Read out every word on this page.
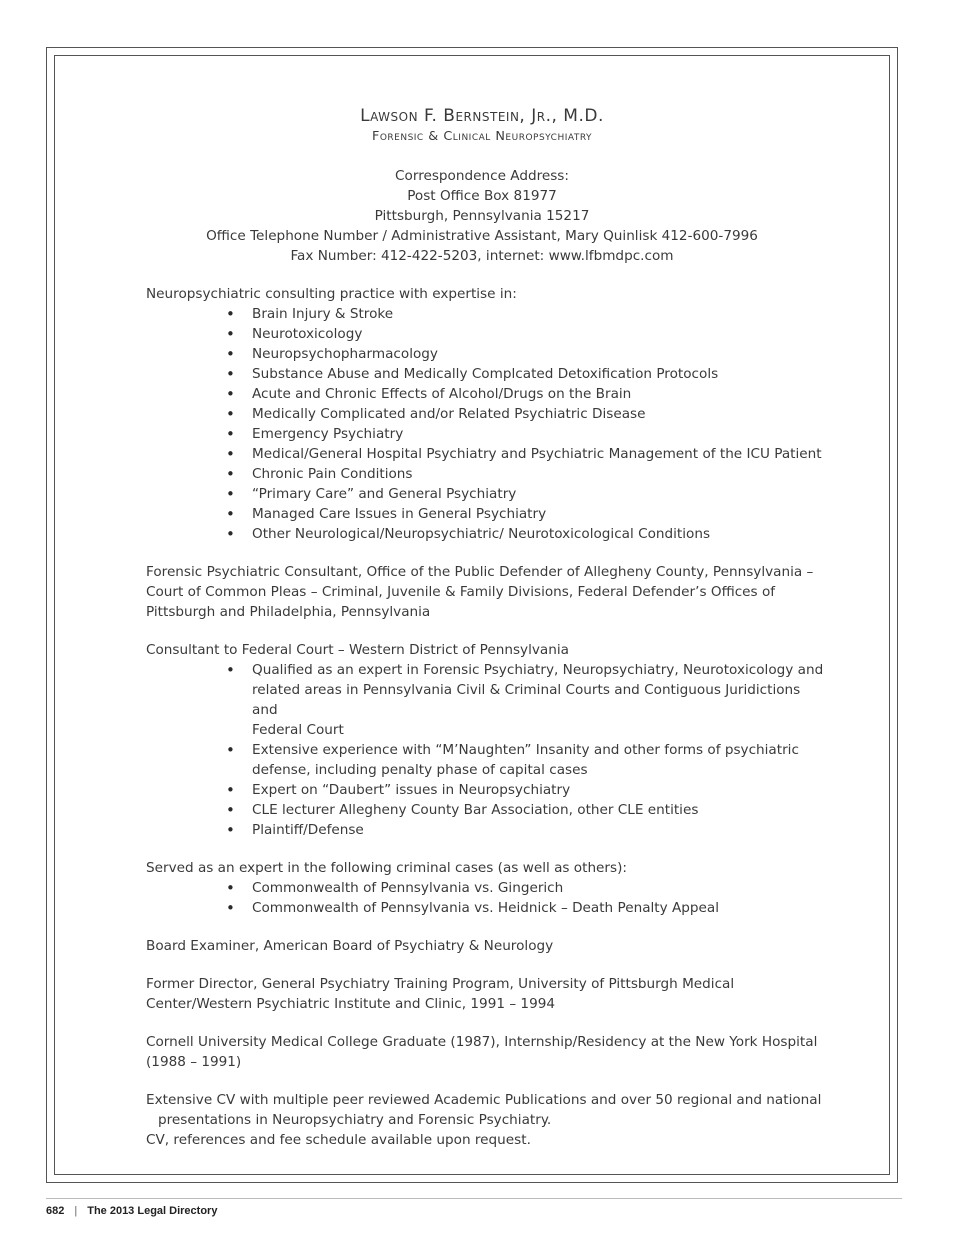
Lawson F. Bernstein, Jr., M.D.
Forensic & Clinical Neuropsychiatry
Correspondence Address:
Post Office Box 81977
Pittsburgh, Pennsylvania 15217
Office Telephone Number / Administrative Assistant, Mary Quinlisk 412-600-7996
Fax Number: 412-422-5203, internet: www.lfbmdpc.com
Neuropsychiatric consulting practice with expertise in:
• Brain Injury & Stroke
• Neurotoxicology
• Neuropsychopharmacology
• Substance Abuse and Medically Complcated Detoxification Protocols
• Acute and Chronic Effects of Alcohol/Drugs on the Brain
• Medically Complicated and/or Related Psychiatric Disease
• Emergency Psychiatry
• Medical/General Hospital Psychiatry and Psychiatric Management of the ICU Patient
• Chronic Pain Conditions
• “Primary Care” and General Psychiatry
• Managed Care Issues in General Psychiatry
• Other Neurological/Neuropsychiatric/ Neurotoxicological Conditions
Forensic Psychiatric Consultant, Office of the Public Defender of Allegheny County, Pennsylvania –
Court of Common Pleas – Criminal, Juvenile & Family Divisions, Federal Defender’s Offices of
Pittsburgh and Philadelphia, Pennsylvania
Consultant to Federal Court – Western District of Pennsylvania
• Qualified as an expert in Forensic Psychiatry, Neuropsychiatry, Neurotoxicology and
related areas in Pennsylvania Civil & Criminal Courts and Contiguous Juridictions and
Federal Court
• Extensive experience with “M’Naughten” Insanity and other forms of psychiatric
defense, including penalty phase of capital cases
• Expert on “Daubert” issues in Neuropsychiatry
• CLE lecturer Allegheny County Bar Association, other CLE entities
• Plaintiff/Defense
Served as an expert in the following criminal cases (as well as others):
• Commonwealth of Pennsylvania vs. Gingerich
• Commonwealth of Pennsylvania vs. Heidnick – Death Penalty Appeal
Board Examiner, American Board of Psychiatry & Neurology
Former Director, General Psychiatry Training Program, University of Pittsburgh Medical
Center/Western Psychiatric Institute and Clinic, 1991 – 1994
Cornell University Medical College Graduate (1987), Internship/Residency at the New York Hospital
(1988 – 1991)
Extensive CV with multiple peer reviewed Academic Publications and over 50 regional and national
presentations in Neuropsychiatry and Forensic Psychiatry.
CV, references and fee schedule available upon request.
682 | The 2013 Legal Directory
